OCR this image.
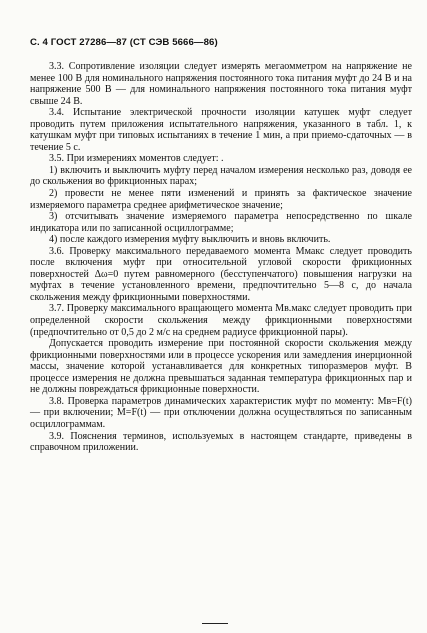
С. 4 ГОСТ 27286—87 (СТ СЭВ 5666—86)

3.3. Сопротивление изоляции следует измерять мегаомметром на напряжение не менее 100 В для номинального напряжения постоянного тока питания муфт до 24 В и на напряжение 500 В — для номинального напряжения постоянного тока питания муфт свыше 24 В.

3.4. Испытание электрической прочности изоляции катушек муфт следует проводить путем приложения испытательного напряжения, указанного в табл. 1, к катушкам муфт при типовых испытаниях в течение 1 мин, а при приемо-сдаточных — в течение 5 с.

3.5. При измерениях моментов следует: .

1) включить и выключить муфту перед началом измерения несколько раз, доводя ее до скольжения во фрикционных парах;

2) провести не менее пяти изменений и принять за фактическое значение измеряемого параметра среднее арифметическое значение;

3) отсчитывать значение измеряемого параметра непосредственно по шкале индикатора или по записанной осциллограмме;

4) после каждого измерения муфту выключить и вновь включить.

3.6. Проверку максимального передаваемого момента Mмакс следует проводить после включения муфт при относительной угловой скорости фрикционных поверхностей Δω=0 путем равномерного (бесступенчатого) повышения нагрузки на муфтах в течение установленного времени, предпочтительно 5—8 с, до начала скольжения между фрикционными поверхностями.

3.7. Проверку максимального вращающего момента Mв.макс следует проводить при определенной скорости скольжения между фрикционными поверхностями (предпочтительно от 0,5 до 2 м/с на среднем радиусе фрикционной пары).

Допускается проводить измерение при постоянной скорости скольжения между фрикционными поверхностями или в процессе ускорения или замедления инерционной массы, значение которой устанавливается для конкретных типоразмеров муфт. В процессе измерения не должна превышаться заданная температура фрикционных пар и не должны повреждаться фрикционные поверхности.

3.8. Проверка параметров динамических характеристик муфт по моменту: Mв=F(t) — при включении; M=F(t) — при отключении должна осуществляться по записанным осциллограммам.

3.9. Пояснения терминов, используемых в настоящем стандарте, приведены в справочном приложении.
